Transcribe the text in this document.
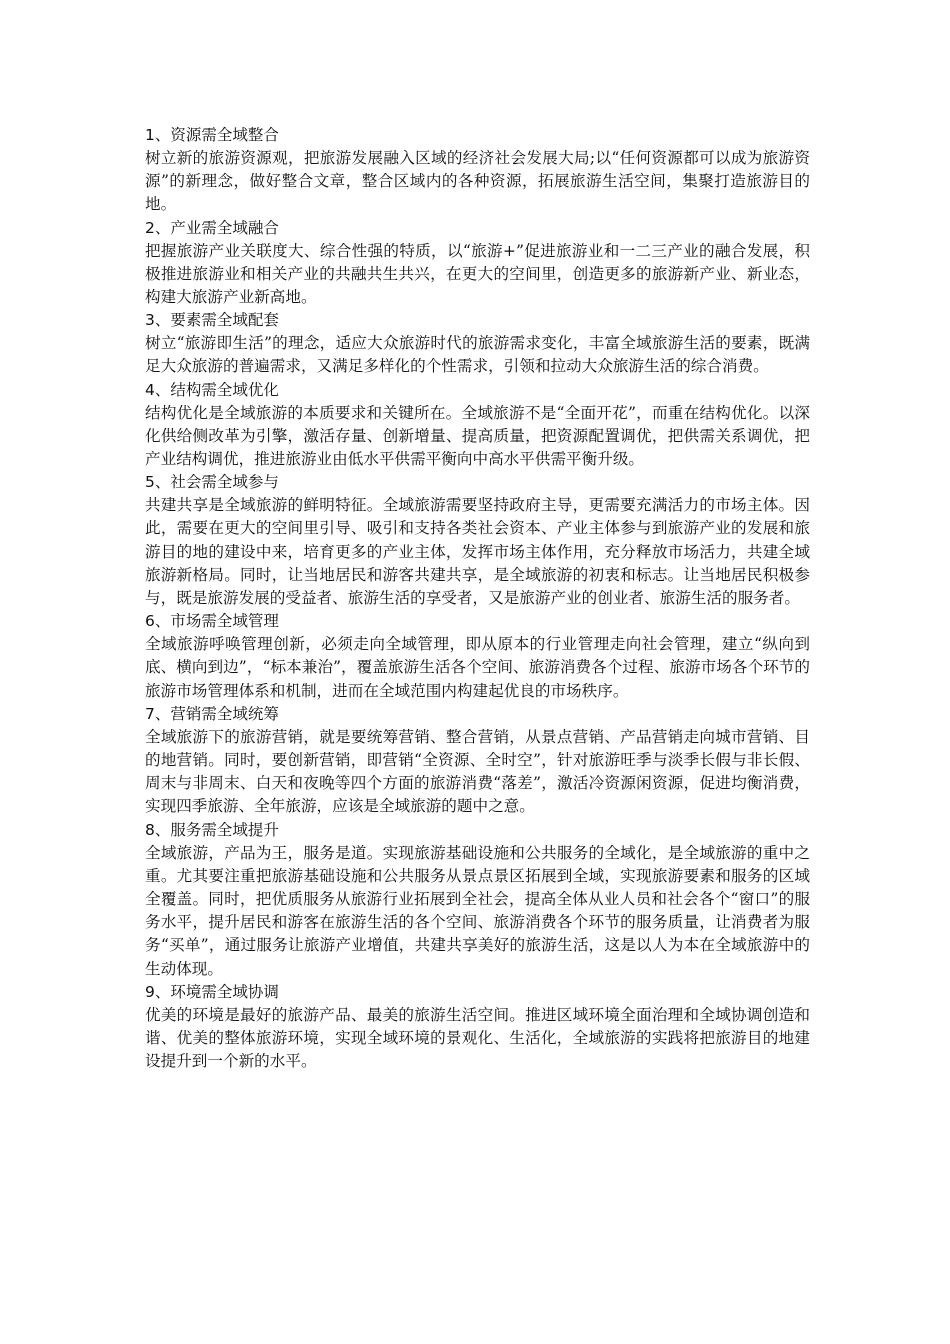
1、资源需全域整合

树立新的旅游资源观，把旅游发展融入区域的经济社会发展大局;以“任何资源都可以成为旅游资源”的新理念，做好整合文章，整合区域内的各种资源，拓展旅游生活空间，集聚打造旅游目的地。

2、产业需全域融合

把握旅游产业关联度大、综合性强的特质，以“旅游+”促进旅游业和一二三产业的融合发展，积极推进旅游业和相关产业的共融共生共兴，在更大的空间里，创造更多的旅游新产业、新业态，构建大旅游产业新高地。

3、要素需全域配套

树立“旅游即生活”的理念，适应大众旅游时代的旅游需求变化，丰富全域旅游生活的要素，既满足大众旅游的普遍需求，又满足多样化的个性需求，引领和拉动大众旅游生活的综合消费。

4、结构需全域优化

结构优化是全域旅游的本质要求和关键所在。全域旅游不是“全面开花”，而重在结构优化。以深化供给侧改革为引擎，激活存量、创新增量、提高质量，把资源配置调优，把供需关系调优，把产业结构调优，推进旅游业由低水平供需平衡向中高水平供需平衡升级。

5、社会需全域参与

共建共享是全域旅游的鲜明特征。全域旅游需要坚持政府主导，更需要充满活力的市场主体。因此，需要在更大的空间里引导、吸引和支持各类社会资本、产业主体参与到旅游产业的发展和旅游目的地的建设中来，培育更多的产业主体，发挥市场主体作用，充分释放市场活力，共建全域旅游新格局。同时，让当地居民和游客共建共享，是全域旅游的初衷和标志。让当地居民积极参与，既是旅游发展的受益者、旅游生活的享受者，又是旅游产业的创业者、旅游生活的服务者。

6、市场需全域管理

全域旅游呼唤管理创新，必须走向全域管理，即从原本的行业管理走向社会管理，建立“纵向到底、横向到边”，“标本兼治”，覆盖旅游生活各个空间、旅游消费各个过程、旅游市场各个环节的旅游市场管理体系和机制，进而在全域范围内构建起优良的市场秩序。

7、营销需全域统筹

全域旅游下的旅游营销，就是要统筹营销、整合营销，从景点营销、产品营销走向城市营销、目的地营销。同时，要创新营销，即营销“全资源、全时空”，针对旅游旺季与淡季长假与非长假、周末与非周末、白天和夜晚等四个方面的旅游消费“落差”，激活冷资源闲资源，促进均衡消费，实现四季旅游、全年旅游，应该是全域旅游的题中之意。

8、服务需全域提升

全域旅游，产品为王，服务是道。实现旅游基础设施和公共服务的全域化，是全域旅游的重中之重。尤其要注重把旅游基础设施和公共服务从景点景区拓展到全域，实现旅游要素和服务的区域全覆盖。同时，把优质服务从旅游行业拓展到全社会，提高全体从业人员和社会各个“窗口”的服务水平，提升居民和游客在旅游生活的各个空间、旅游消费各个环节的服务质量，让消费者为服务“买单”，通过服务让旅游产业增值，共建共享美好的旅游生活，这是以人为本在全域旅游中的生动体现。

9、环境需全域协调

优美的环境是最好的旅游产品、最美的旅游生活空间。推进区域环境全面治理和全域协调创造和谐、优美的整体旅游环境，实现全域环境的景观化、生活化，全域旅游的实践将把旅游目的地建设提升到一个新的水平。
